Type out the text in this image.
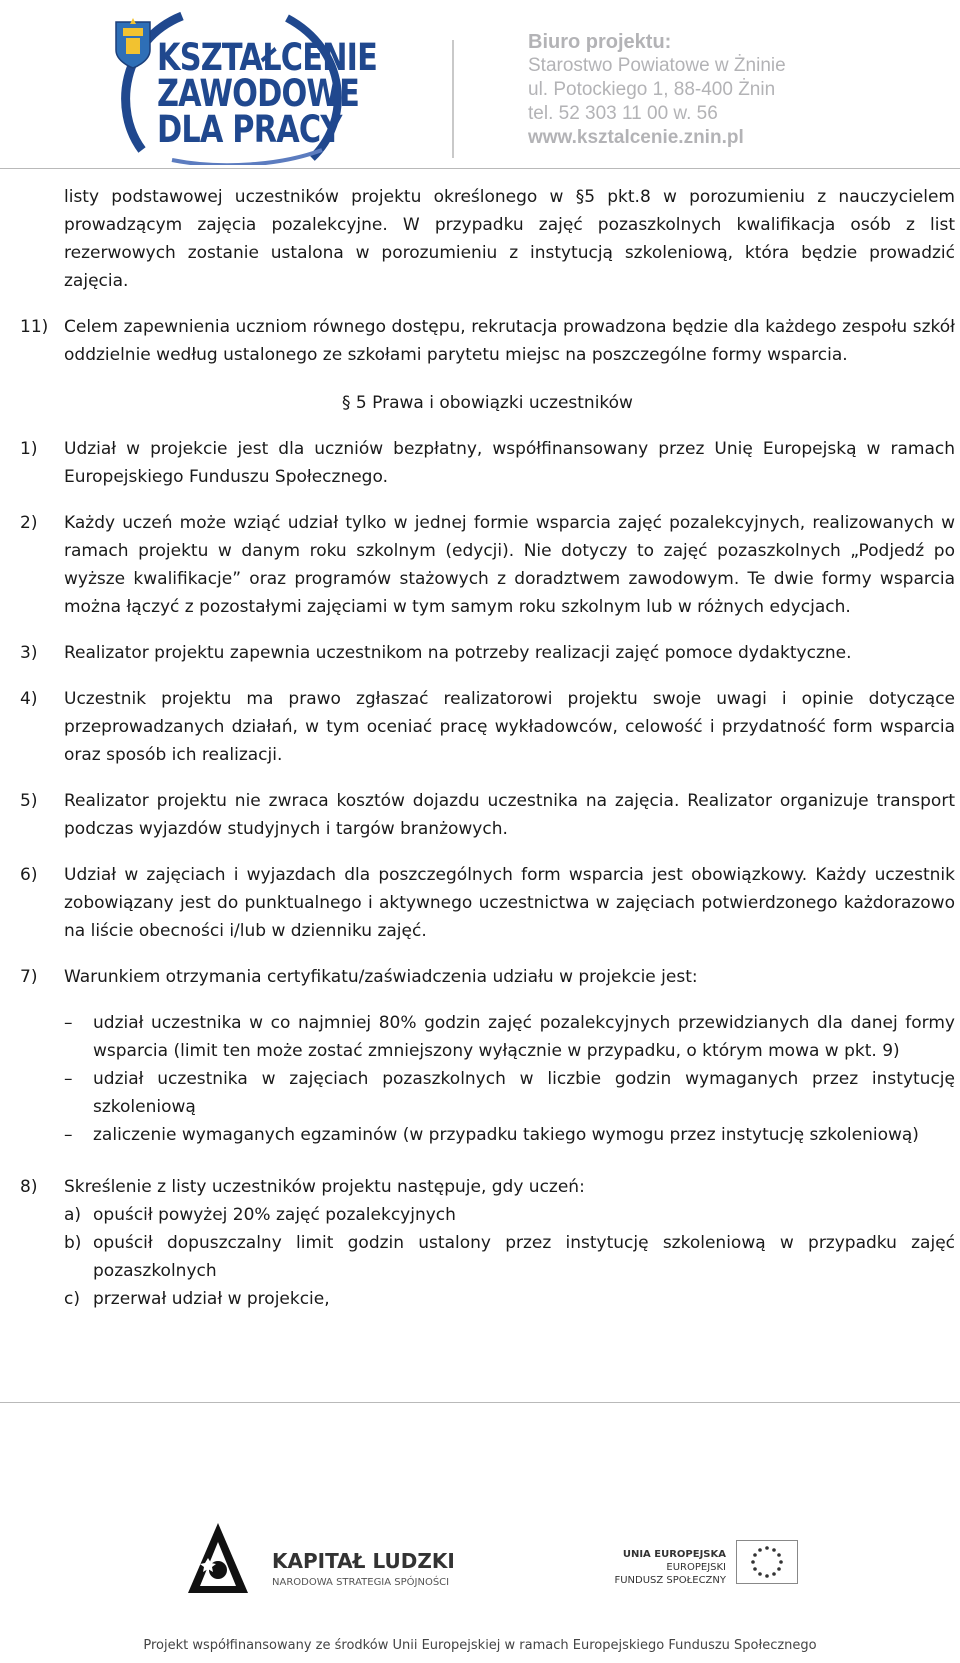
KSZTAŁCENIE
ZAWODOWE
DLA PRACY
Biuro projektu:
Starostwo Powiatowe w Żninie
ul. Potockiego 1, 88-400 Żnin
tel. 52 303 11 00 w. 56
www.ksztalcenie.znin.pl

listy podstawowej uczestników projektu określonego w §5 pkt.8 w porozumieniu z nauczycielem prowadzącym zajęcia pozalekcyjne. W przypadku zajęć pozaszkolnych kwalifikacja osób z list rezerwowych zostanie ustalona w porozumieniu z instytucją szkoleniową, która będzie prowadzić zajęcia.

11) Celem zapewnienia uczniom równego dostępu, rekrutacja prowadzona będzie dla każdego zespołu szkół oddzielnie według ustalonego ze szkołami parytetu miejsc na poszczególne formy wsparcia.

§ 5 Prawa i obowiązki uczestników

1)	Udział w projekcie jest dla uczniów bezpłatny, współfinansowany przez Unię Europejską w ramach Europejskiego Funduszu Społecznego.
2)	Każdy uczeń może wziąć udział tylko w jednej formie wsparcia zajęć pozalekcyjnych, realizowanych w ramach projektu w danym roku szkolnym (edycji). Nie dotyczy to zajęć pozaszkolnych „Podjedź po wyższe kwalifikacje” oraz programów stażowych z doradztwem zawodowym. Te dwie formy wsparcia można łączyć z pozostałymi zajęciami w tym samym roku szkolnym lub w różnych edycjach.
3)	Realizator projektu zapewnia uczestnikom na potrzeby realizacji zajęć pomoce dydaktyczne.
4)	Uczestnik projektu ma prawo zgłaszać realizatorowi projektu swoje uwagi i opinie dotyczące przeprowadzanych działań, w tym oceniać pracę wykładowców, celowość i przydatność form wsparcia oraz sposób ich realizacji.
5)	Realizator projektu nie zwraca kosztów dojazdu uczestnika na zajęcia. Realizator organizuje transport podczas wyjazdów studyjnych i targów branżowych.
6)	Udział w zajęciach i wyjazdach dla poszczególnych form wsparcia jest obowiązkowy. Każdy uczestnik zobowiązany jest do punktualnego i aktywnego uczestnictwa w zajęciach potwierdzonego każdorazowo na liście obecności i/lub w dzienniku zajęć.
7)	Warunkiem otrzymania certyfikatu/zaświadczenia udziału w projekcie jest:
– udział uczestnika w co najmniej 80% godzin zajęć pozalekcyjnych przewidzianych dla danej formy wsparcia (limit ten może zostać zmniejszony wyłącznie w przypadku, o którym mowa w pkt. 9)
– udział uczestnika w zajęciach pozaszkolnych w liczbie godzin wymaganych przez instytucję szkoleniową
– zaliczenie wymaganych egzaminów (w przypadku takiego wymogu przez instytucję szkoleniową)
8)	Skreślenie z listy uczestników projektu następuje, gdy uczeń:
a) opuścił powyżej 20% zajęć pozalekcyjnych
b) opuścił dopuszczalny limit godzin ustalony przez instytucję szkoleniową w przypadku zajęć pozaszkolnych
c) przerwał udział w projekcie,
KAPITAŁ LUDZKI
NARODOWA STRATEGIA SPÓJNOŚCI
UNIA EUROPEJSKA
EUROPEJSKI
FUNDUSZ SPOŁECZNY
Projekt współfinansowany ze środków Unii Europejskiej w ramach Europejskiego Funduszu Społecznego
